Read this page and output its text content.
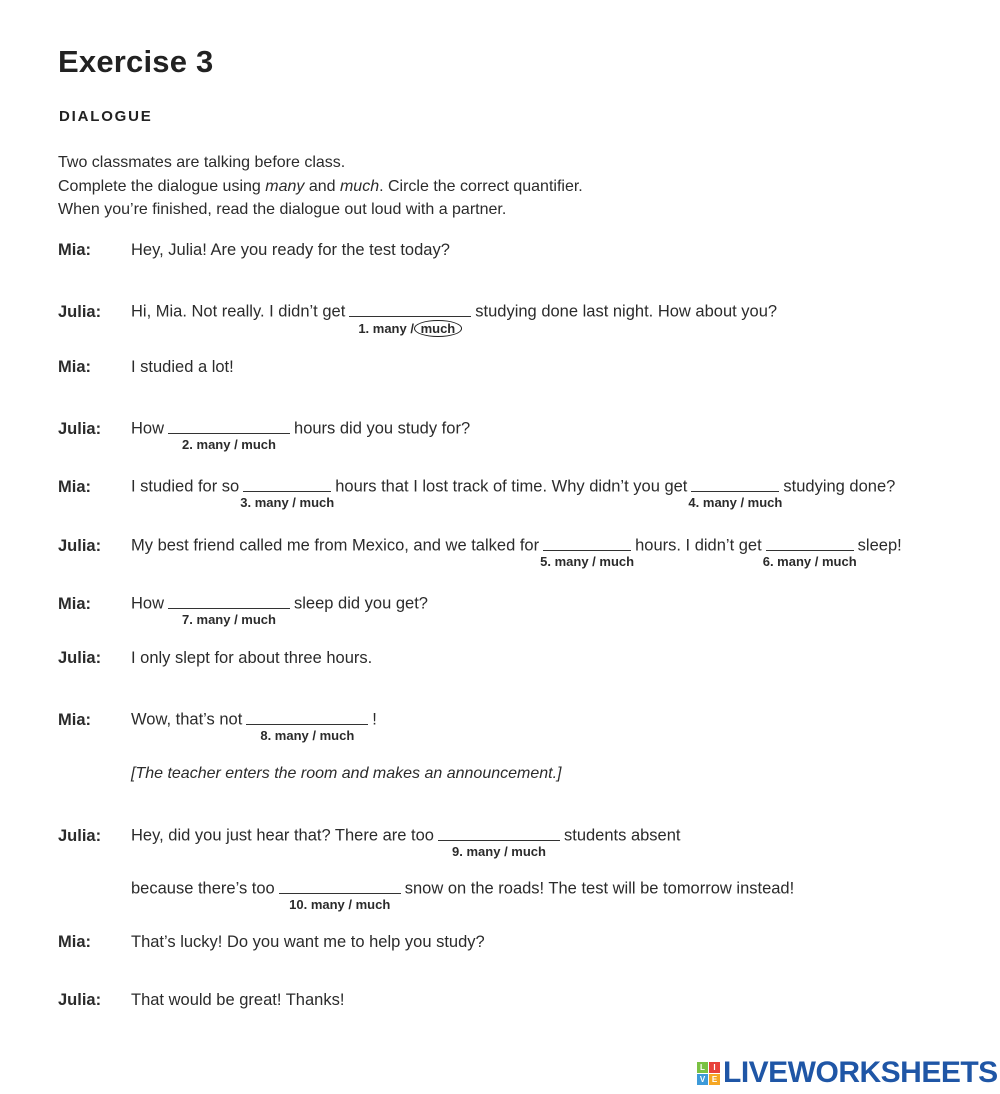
Exercise 3
DIALOGUE

Two classmates are talking before class.

Complete the dialogue using many and much. Circle the correct quantifier.

When you’re finished, read the dialogue out loud with a partner.

Mia: Hey, Julia! Are you ready for the test today?
Julia: Hi, Mia. Not really. I didn’t get
1. many / much
studying done last night. How about you?
Mia: I studied a lot!
Julia: How
2. many / much
hours did you study for?
Mia: I studied for so
3. many / much
hours that I lost track of time. Why didn’t you get
4. many / much
studying done?
Julia: My best friend called me from Mexico, and we talked for
5. many / much
hours. I didn’t get
6. many / much
sleep!
Mia: How
7. many / much
sleep did you get?
Julia: I only slept for about three hours.
Mia: Wow, that’s not
8. many / much
!
[The teacher enters the room and makes an announcement.]
Julia: Hey, did you just hear that? There are too
9. many / much
students absent
because there’s too
10. many / much
snow on the roads! The test will be tomorrow instead!
Mia: That’s lucky! Do you want me to help you study?
Julia: That would be great! Thanks!
L	I
V E LIVEWORKSHEETS
